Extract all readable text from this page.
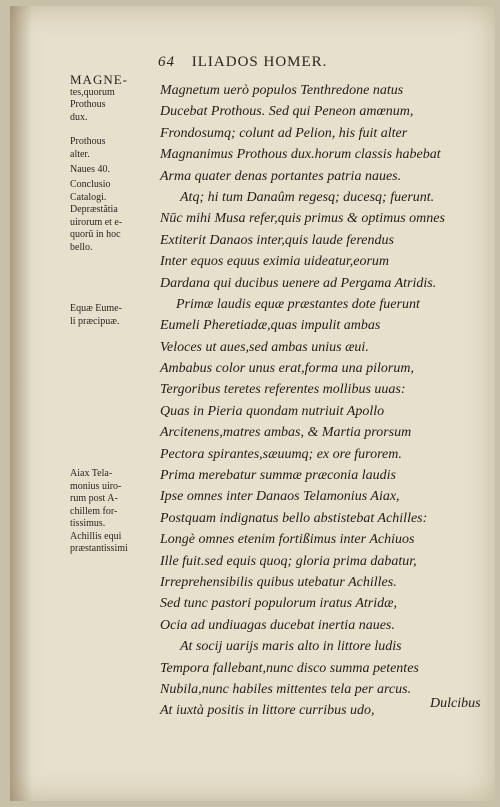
64 ILIADOS HOMER.
MAGNE-
tes,quorum
Prothous
dux.
Prothous
alter.
Naues 40.
Conclusio
Catalogi.
Depræstãtia
uirorum et e-
quorũ in hoc
bello.
Equæ Eume-
li præcipuæ.
Aiax Tela-
monius uiro-
rum post A-
chillem for-
tissimus.
Achillis equi
præstantissimi
Magnetum uerò populos Tenthredone natus
Ducebat Prothous. Sed qui Peneon amœnum,
Frondosumq; colunt ad Pelion, his fuit alter
Magnanimus Prothous dux.horum classis habebat
Arma quater denas portantes patria naues.
Atq; hi tum Danaûm regesq; ducesq; fuerunt.
Nūc mihi Musa refer,quis primus & optimus omnes
Extiterit Danaos inter,quis laude ferendus
Inter equos equus eximia uideatur,eorum
Dardana qui ducibus uenere ad Pergama Atridis.
Primæ laudis equæ præstantes dote fuerunt
Eumeli Pheretiadæ,quas impulit ambas
Veloces ut aues,sed ambas unius æui.
Ambabus color unus erat,forma una pilorum,
Tergoribus teretes referentes mollibus uuas:
Quas in Pieria quondam nutriuit Apollo
Arcitenens,matres ambas, & Martia prorsum
Pectora spirantes,sæuumq; ex ore furorem.
Prima merebatur summæ præconia laudis
Ipse omnes inter Danaos Telamonius Aiax,
Postquam indignatus bello abstistebat Achilles:
Longè omnes etenim fortißimus inter Achiuos
Ille fuit.sed equis quoq; gloria prima dabatur,
Irreprehensibilis quibus utebatur Achilles.
Sed tunc pastori populorum iratus Atridæ,
Ocia ad undiuagas ducebat inertia naues.
At socij uarijs maris alto in littore ludis
Tempora fallebant,nunc disco summa petentes
Nubila,nunc habiles mittentes tela per arcus.
At iuxtà positis in littore curribus udo,	Dulcibus
